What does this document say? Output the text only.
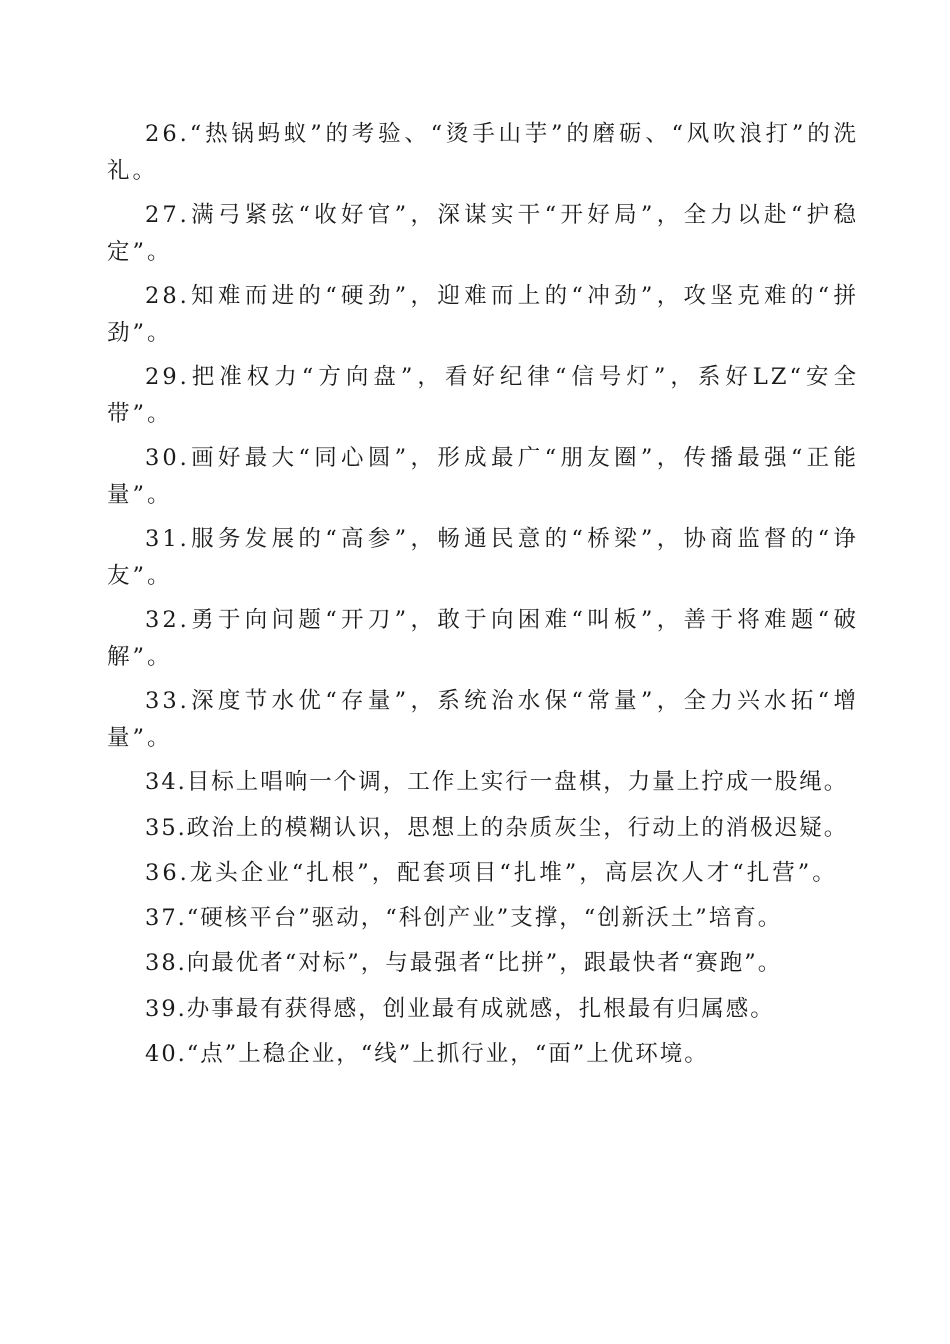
26.“热锅蚂蚁”的考验、“烫手山芋”的磨砺、“风吹浪打”的洗礼。

27.满弓紧弦“收好官”，深谋实干“开好局”，全力以赴“护稳定”。

28.知难而进的“硬劲”，迎难而上的“冲劲”，攻坚克难的“拼劲”。

29.把准权力“方向盘”，看好纪律“信号灯”，系好LZ“安全带”。

30.画好最大“同心圆”，形成最广“朋友圈”，传播最强“正能量”。

31.服务发展的“高参”，畅通民意的“桥梁”，协商监督的“诤友”。

32.勇于向问题“开刀”，敢于向困难“叫板”，善于将难题“破解”。

33.深度节水优“存量”，系统治水保“常量”，全力兴水拓“增量”。

34.目标上唱响一个调，工作上实行一盘棋，力量上拧成一股绳。

35.政治上的模糊认识，思想上的杂质灰尘，行动上的消极迟疑。

36.龙头企业“扎根”，配套项目“扎堆”，高层次人才“扎营”。

37.“硬核平台”驱动，“科创产业”支撑，“创新沃土”培育。

38.向最优者“对标”，与最强者“比拼”，跟最快者“赛跑”。

39.办事最有获得感，创业最有成就感，扎根最有归属感。

40.“点”上稳企业，“线”上抓行业，“面”上优环境。
